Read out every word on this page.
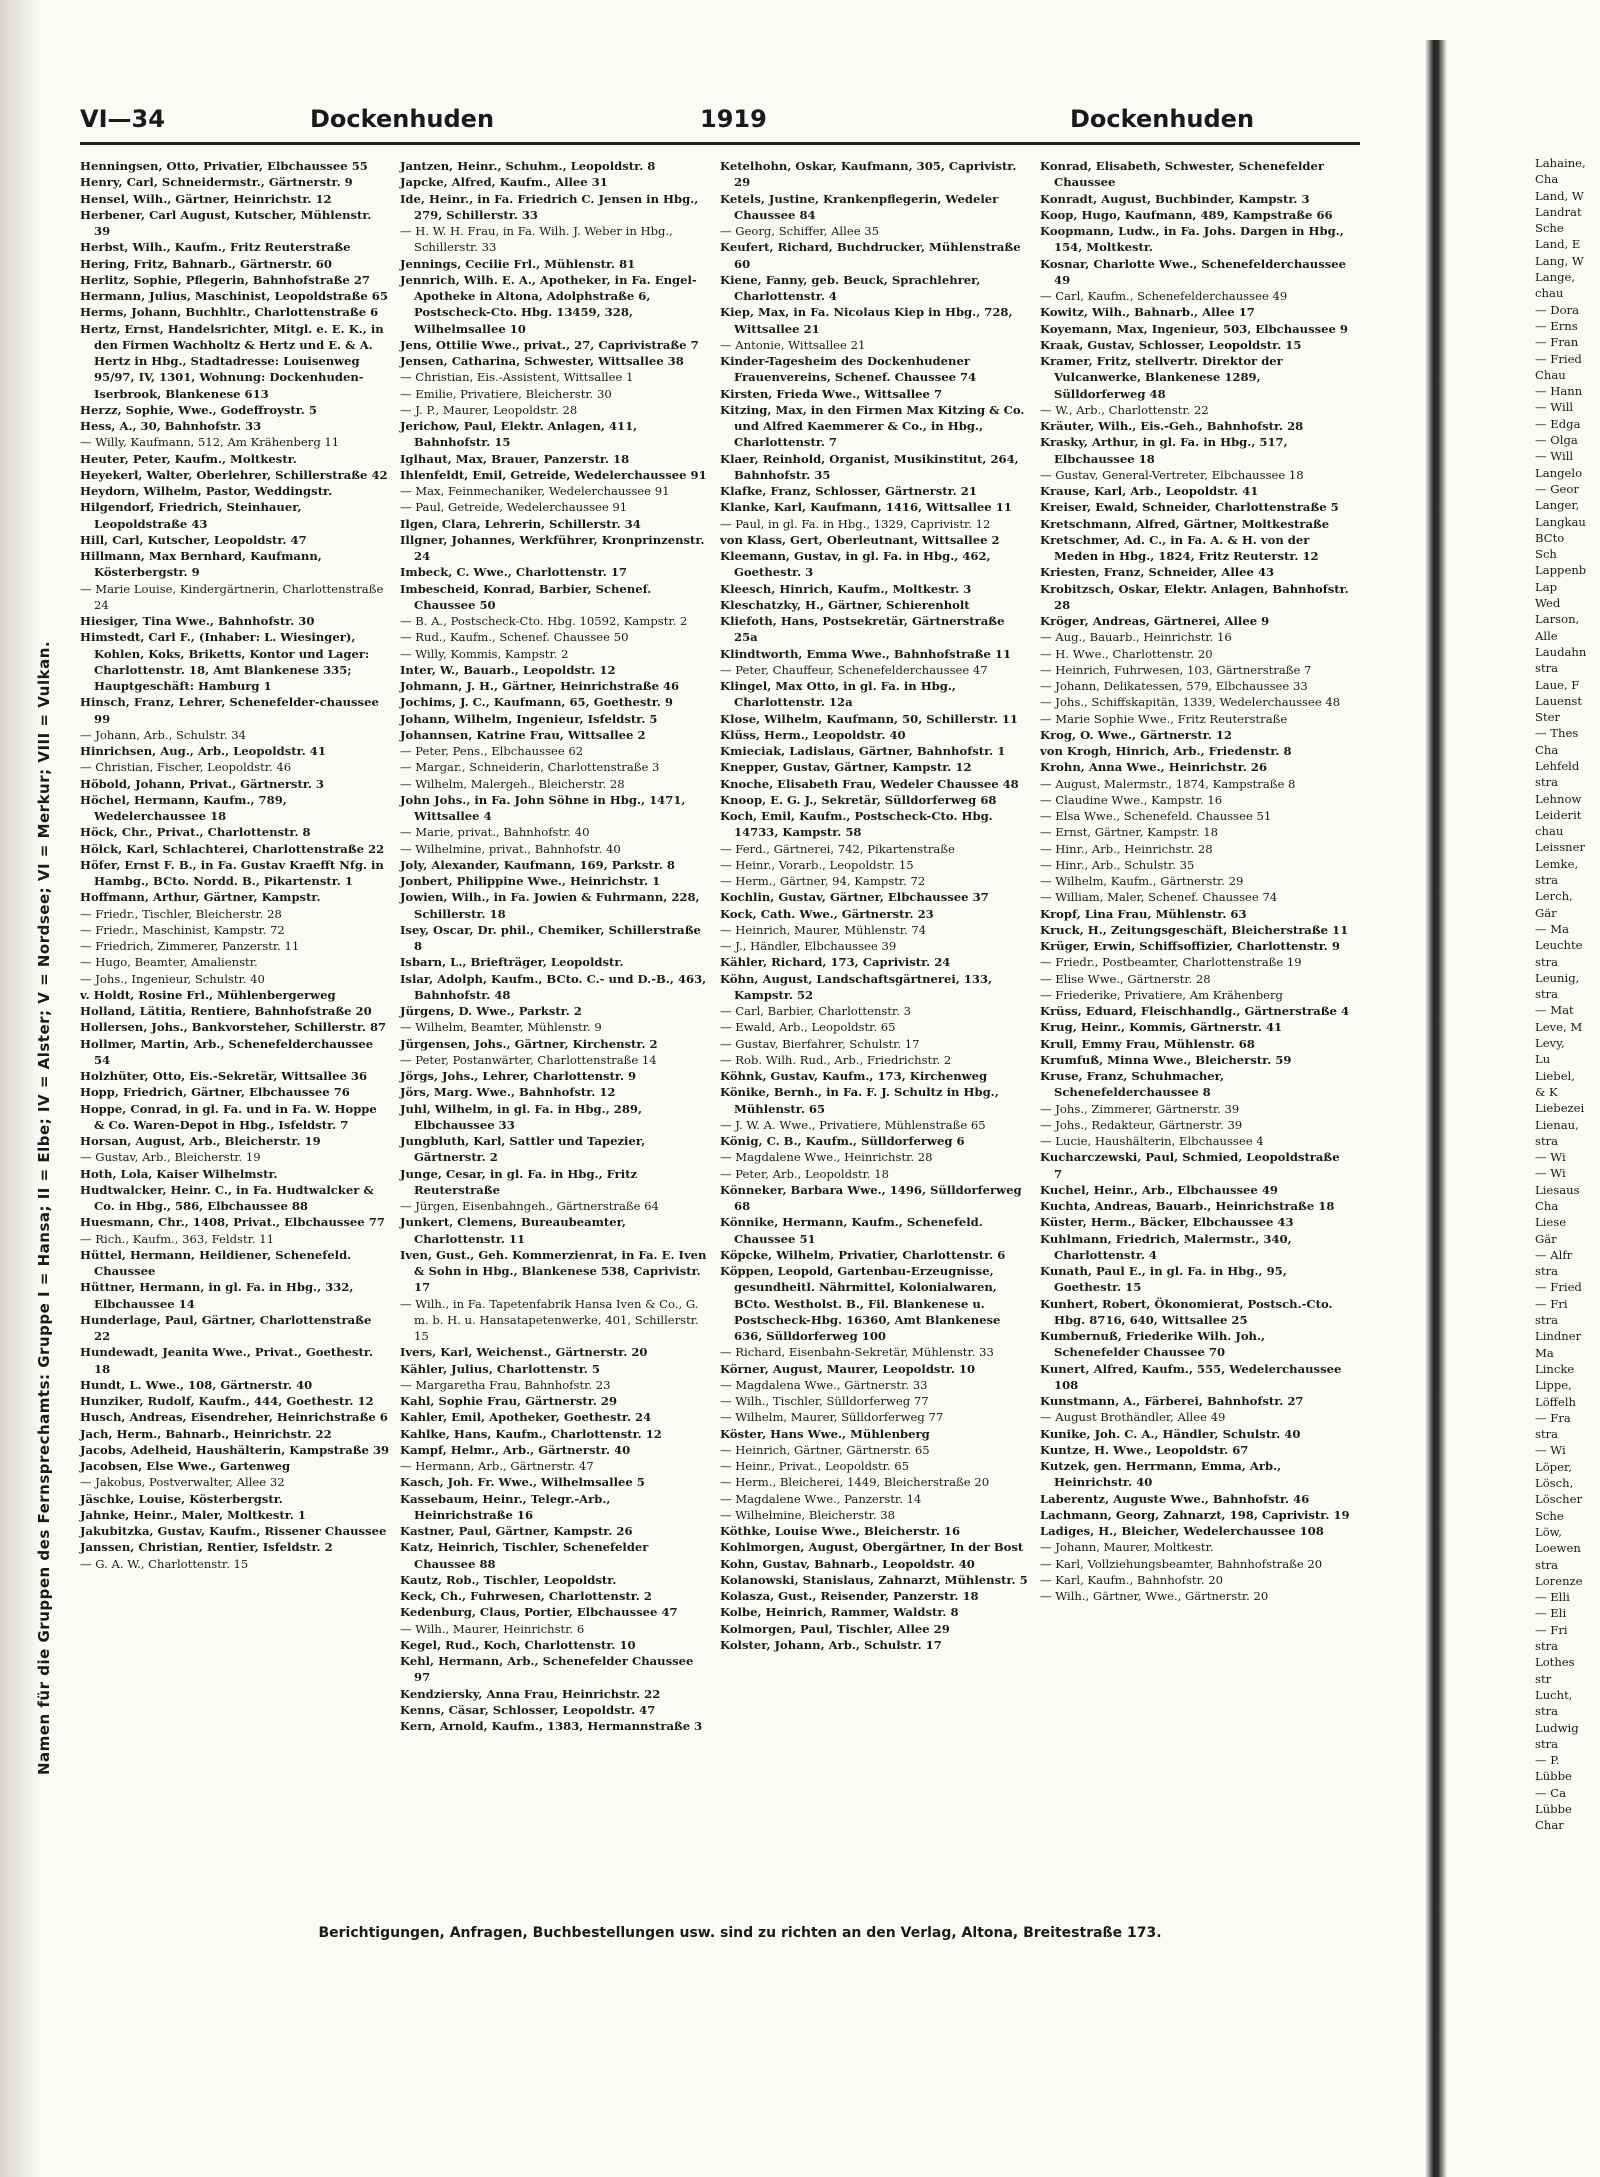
VI—34	Dockenhuden	1919	Dockenhuden
Namen für die Gruppen des Fernsprechamts: Gruppe I = Hansa; II = Elbe; IV = Alster; V = Nordsee; VI = Merkur; VIII = Vulkan.
Henningsen, Otto, Privatier, Elbchaussee 55
Henry, Carl, Schneidermstr., Gärtnerstr. 9
Hensel, Wilh., Gärtner, Heinrichstr. 12
Herbener, Carl August, Kutscher, Mühlenstr. 39
Herbst, Wilh., Kaufm., Fritz Reuterstraße
Hering, Fritz, Bahnarb., Gärtnerstr. 60
Herlitz, Sophie, Pflegerin, Bahnhofstraße 27
Hermann, Julius, Maschinist, Leopoldstraße 65
Herms, Johann, Buchhltr., Charlottenstraße 6
Hertz, Ernst, Handelsrichter, Mitgl. e. E. K., in den Firmen Wachholtz & Hertz und E. & A. Hertz in Hbg., Stadtadresse: Louisenweg 95/97, IV, 1301, Wohnung: Dockenhuden-Iserbrook, Blankenese 613
Herzz, Sophie, Wwe., Godeffroystr. 5
Hess, A., 30, Bahnhofstr. 33
— Willy, Kaufmann, 512, Am Krähenberg 11
Heuter, Peter, Kaufm., Moltkestr.
Heyekerl, Walter, Oberlehrer, Schillerstraße 42
Heydorn, Wilhelm, Pastor, Weddingstr.
Hilgendorf, Friedrich, Steinhauer, Leopoldstraße 43
Hill, Carl, Kutscher, Leopoldstr. 47
Hillmann, Max Bernhard, Kaufmann, Kösterbergstr. 9
— Marie Louise, Kindergärtnerin, Charlottenstraße 24
Hiesiger, Tina Wwe., Bahnhofstr. 30
Himstedt, Carl F., (Inhaber: L. Wiesinger), Kohlen, Koks, Briketts, Kontor und Lager: Charlottenstr. 18, Amt Blankenese 335; Hauptgeschäft: Hamburg 1
Hinsch, Franz, Lehrer, Schenefelder-chaussee 99
— Johann, Arb., Schulstr. 34
Hinrichsen, Aug., Arb., Leopoldstr. 41
— Christian, Fischer, Leopoldstr. 46
Höbold, Johann, Privat., Gärtnerstr. 3
Höchel, Hermann, Kaufm., 789, Wedelerchaussee 18
Höck, Chr., Privat., Charlottenstr. 8
Hölck, Karl, Schlachterei, Charlottenstraße 22
Höfer, Ernst F. B., in Fa. Gustav Kraefft Nfg. in Hambg., BCto. Nordd. B., Pikartenstr. 1
Hoffmann, Arthur, Gärtner, Kampstr.
— Friedr., Tischler, Bleicherstr. 28
— Friedr., Maschinist, Kampstr. 72
— Friedrich, Zimmerer, Panzerstr. 11
— Hugo, Beamter, Amalienstr.
— Johs., Ingenieur, Schulstr. 40
v. Holdt, Rosine Frl., Mühlenbergerweg
Holland, Lätitia, Rentiere, Bahnhofstraße 20
Hollersen, Johs., Bankvorsteher, Schillerstr. 87
Hollmer, Martin, Arb., Schenefelderchaussee 54
Holzhüter, Otto, Eis.-Sekretär, Wittsallee 36
Hopp, Friedrich, Gärtner, Elbchaussee 76
Hoppe, Conrad, in gl. Fa. und in Fa. W. Hoppe & Co. Waren-Depot in Hbg., Isfeldstr. 7
Horsan, August, Arb., Bleicherstr. 19
— Gustav, Arb., Bleicherstr. 19
Hoth, Lola, Kaiser Wilhelmstr.
Hudtwalcker, Heinr. C., in Fa. Hudtwalcker & Co. in Hbg., 586, Elbchaussee 88
Huesmann, Chr., 1408, Privat., Elbchaussee 77
— Rich., Kaufm., 363, Feldstr. 11
Hüttel, Hermann, Heildiener, Schenefeld. Chaussee
Hüttner, Hermann, in gl. Fa. in Hbg., 332, Elbchaussee 14
Hunderlage, Paul, Gärtner, Charlottenstraße 22
Hundewadt, Jeanita Wwe., Privat., Goethestr. 18
Hundt, L. Wwe., 108, Gärtnerstr. 40
Hunziker, Rudolf, Kaufm., 444, Goethestr. 12
Husch, Andreas, Eisendreher, Heinrichstraße 6
Jach, Herm., Bahnarb., Heinrichstr. 22
Jacobs, Adelheid, Haushälterin, Kampstraße 39
Jacobsen, Else Wwe., Gartenweg
— Jakobus, Postverwalter, Allee 32
Jäschke, Louise, Kösterbergstr.
Jahnke, Heinr., Maler, Moltkestr. 1
Jakubitzka, Gustav, Kaufm., Rissener Chaussee
Janssen, Christian, Rentier, Isfeldstr. 2
— G. A. W., Charlottenstr. 15
Jantzen, Heinr., Schuhm., Leopoldstr. 8
Japcke, Alfred, Kaufm., Allee 31
Ide, Heinr., in Fa. Friedrich C. Jensen in Hbg., 279, Schillerstr. 33
— H. W. H. Frau, in Fa. Wilh. J. Weber in Hbg., Schillerstr. 33
Jennings, Cecilie Frl., Mühlenstr. 81
Jennrich, Wilh. E. A., Apotheker, in Fa. Engel-Apotheke in Altona, Adolphstraße 6, Postscheck-Cto. Hbg. 13459, 328, Wilhelmsallee 10
Jens, Ottilie Wwe., privat., 27, Caprivistraße 7
Jensen, Catharina, Schwester, Wittsallee 38
— Christian, Eis.-Assistent, Wittsallee 1
— Emilie, Privatiere, Bleicherstr. 30
— J. P., Maurer, Leopoldstr. 28
Jerichow, Paul, Elektr. Anlagen, 411, Bahnhofstr. 15
Iglhaut, Max, Brauer, Panzerstr. 18
Ihlenfeldt, Emil, Getreide, Wedelerchaussee 91
— Max, Feinmechaniker, Wedelerchaussee 91
— Paul, Getreide, Wedelerchaussee 91
Ilgen, Clara, Lehrerin, Schillerstr. 34
Illgner, Johannes, Werkführer, Kronprinzenstr. 24
Imbeck, C. Wwe., Charlottenstr. 17
Imbescheid, Konrad, Barbier, Schenef. Chaussee 50
— B. A., Postscheck-Cto. Hbg. 10592, Kampstr. 2
— Rud., Kaufm., Schenef. Chaussee 50
— Willy, Kommis, Kampstr. 2
Inter, W., Bauarb., Leopoldstr. 12
Johmann, J. H., Gärtner, Heinrichstraße 46
Jochims, J. C., Kaufmann, 65, Goethestr. 9
Johann, Wilhelm, Ingenieur, Isfeldstr. 5
Johannsen, Katrine Frau, Wittsallee 2
— Peter, Pens., Elbchaussee 62
— Margar., Schneiderin, Charlottenstraße 3
— Wilhelm, Malergeh., Bleicherstr. 28
John Johs., in Fa. John Söhne in Hbg., 1471, Wittsallee 4
— Marie, privat., Bahnhofstr. 40
— Wilhelmine, privat., Bahnhofstr. 40
Joly, Alexander, Kaufmann, 169, Parkstr. 8
Jonbert, Philippine Wwe., Heinrichstr. 1
Jowien, Wilh., in Fa. Jowien & Fuhrmann, 228, Schillerstr. 18
Isey, Oscar, Dr. phil., Chemiker, Schillerstraße 8
Isbarn, L., Briefträger, Leopoldstr.
Islar, Adolph, Kaufm., BCto. C.- und D.-B., 463, Bahnhofstr. 48
Jürgens, D. Wwe., Parkstr. 2
— Wilhelm, Beamter, Mühlenstr. 9
Jürgensen, Johs., Gärtner, Kirchenstr. 2
— Peter, Postanwärter, Charlottenstraße 14
Jörgs, Johs., Lehrer, Charlottenstr. 9
Jörs, Marg. Wwe., Bahnhofstr. 12
Juhl, Wilhelm, in gl. Fa. in Hbg., 289, Elbchaussee 33
Jungbluth, Karl, Sattler und Tapezier, Gärtnerstr. 2
Junge, Cesar, in gl. Fa. in Hbg., Fritz Reuterstraße
— Jürgen, Eisenbahngeh., Gärtnerstraße 64
Junkert, Clemens, Bureaubeamter, Charlottenstr. 11
Iven, Gust., Geh. Kommerzienrat, in Fa. E. Iven & Sohn in Hbg., Blankenese 538, Caprivistr. 17
— Wilh., in Fa. Tapetenfabrik Hansa Iven & Co., G. m. b. H. u. Hansatapetenwerke, 401, Schillerstr. 15
Ivers, Karl, Weichenst., Gärtnerstr. 20
Kähler, Julius, Charlottenstr. 5
— Margaretha Frau, Bahnhofstr. 23
Kahl, Sophie Frau, Gärtnerstr. 29
Kahler, Emil, Apotheker, Goethestr. 24
Kahlke, Hans, Kaufm., Charlottenstr. 12
Kampf, Helmr., Arb., Gärtnerstr. 40
— Hermann, Arb., Gärtnerstr. 47
Kasch, Joh. Fr. Wwe., Wilhelmsallee 5
Kassebaum, Heinr., Telegr.-Arb., Heinrichstraße 16
Kastner, Paul, Gärtner, Kampstr. 26
Katz, Heinrich, Tischler, Schenefelder Chaussee 88
Kautz, Rob., Tischler, Leopoldstr.
Keck, Ch., Fuhrwesen, Charlottenstr. 2
Kedenburg, Claus, Portier, Elbchaussee 47
— Wilh., Maurer, Heinrichstr. 6
Kegel, Rud., Koch, Charlottenstr. 10
Kehl, Hermann, Arb., Schenefelder Chaussee 97
Kendziersky, Anna Frau, Heinrichstr. 22
Kenns, Cäsar, Schlosser, Leopoldstr. 47
Kern, Arnold, Kaufm., 1383, Hermannstraße 3
Ketelhohn, Oskar, Kaufmann, 305, Caprivistr. 29
Ketels, Justine, Krankenpflegerin, Wedeler Chaussee 84
— Georg, Schiffer, Allee 35
Keufert, Richard, Buchdrucker, Mühlenstraße 60
Kiene, Fanny, geb. Beuck, Sprachlehrer, Charlottenstr. 4
Kiep, Max, in Fa. Nicolaus Kiep in Hbg., 728, Wittsallee 21
— Antonie, Wittsallee 21
Kinder-Tagesheim des Dockenhudener Frauenvereins, Schenef. Chaussee 74
Kirsten, Frieda Wwe., Wittsallee 7
Kitzing, Max, in den Firmen Max Kitzing & Co. und Alfred Kaemmerer & Co., in Hbg., Charlottenstr. 7
Klaer, Reinhold, Organist, Musikinstitut, 264, Bahnhofstr. 35
Klafke, Franz, Schlosser, Gärtnerstr. 21
Klanke, Karl, Kaufmann, 1416, Wittsallee 11
— Paul, in gl. Fa. in Hbg., 1329, Caprivistr. 12
von Klass, Gert, Oberleutnant, Wittsallee 2
Kleemann, Gustav, in gl. Fa. in Hbg., 462, Goethestr. 3
Kleesch, Hinrich, Kaufm., Moltkestr. 3
Kleschatzky, H., Gärtner, Schierenholt
Kliefoth, Hans, Postsekretär, Gärtnerstraße 25a
Klindtworth, Emma Wwe., Bahnhofstraße 11
— Peter, Chauffeur, Schenefelderchaussee 47
Klingel, Max Otto, in gl. Fa. in Hbg., Charlottenstr. 12a
Klose, Wilhelm, Kaufmann, 50, Schillerstr. 11
Klüss, Herm., Leopoldstr. 40
Kmieciak, Ladislaus, Gärtner, Bahnhofstr. 1
Knepper, Gustav, Gärtner, Kampstr. 12
Knoche, Elisabeth Frau, Wedeler Chaussee 48
Knoop, E. G. J., Sekretär, Sülldorferweg 68
Koch, Emil, Kaufm., Postscheck-Cto. Hbg. 14733, Kampstr. 58
— Ferd., Gärtnerei, 742, Pikartenstraße
— Heinr., Vorarb., Leopoldstr. 15
— Herm., Gärtner, 94, Kampstr. 72
Kochlin, Gustav, Gärtner, Elbchaussee 37
Kock, Cath. Wwe., Gärtnerstr. 23
— Heinrich, Maurer, Mühlenstr. 74
— J., Händler, Elbchaussee 39
Kähler, Richard, 173, Caprivistr. 24
Köhn, August, Landschaftsgärtnerei, 133, Kampstr. 52
— Carl, Barbier, Charlottenstr. 3
— Ewald, Arb., Leopoldstr. 65
— Gustav, Bierfahrer, Schulstr. 17
— Rob. Wilh. Rud., Arb., Friedrichstr. 2
Köhnk, Gustav, Kaufm., 173, Kirchenweg
Könike, Bernh., in Fa. F. J. Schultz in Hbg., Mühlenstr. 65
— J. W. A. Wwe., Privatiere, Mühlenstraße 65
König, C. B., Kaufm., Sülldorferweg 6
— Magdalene Wwe., Heinrichstr. 28
— Peter, Arb., Leopoldstr. 18
Könneker, Barbara Wwe., 1496, Sülldorferweg 68
Könnike, Hermann, Kaufm., Schenefeld. Chaussee 51
Köpcke, Wilhelm, Privatier, Charlottenstr. 6
Köppen, Leopold, Gartenbau-Erzeugnisse, gesundheitl. Nährmittel, Kolonialwaren, BCto. Westholst. B., Fil. Blankenese u. Postscheck-Hbg. 16360, Amt Blankenese 636, Sülldorferweg 100
— Richard, Eisenbahn-Sekretär, Mühlenstr. 33
Körner, August, Maurer, Leopoldstr. 10
— Magdalena Wwe., Gärtnerstr. 33
— Wilh., Tischler, Sülldorferweg 77
— Wilhelm, Maurer, Sülldorferweg 77
Köster, Hans Wwe., Mühlenberg
— Heinrich, Gärtner, Gärtnerstr. 65
— Heinr., Privat., Leopoldstr. 65
— Herm., Bleicherei, 1449, Bleicherstraße 20
— Magdalene Wwe., Panzerstr. 14
— Wilhelmine, Bleicherstr. 38
Köthke, Louise Wwe., Bleicherstr. 16
Kohlmorgen, August, Obergärtner, In der Bost
Kohn, Gustav, Bahnarb., Leopoldstr. 40
Kolanowski, Stanislaus, Zahnarzt, Mühlenstr. 5
Kolasza, Gust., Reisender, Panzerstr. 18
Kolbe, Heinrich, Rammer, Waldstr. 8
Kolmorgen, Paul, Tischler, Allee 29
Kolster, Johann, Arb., Schulstr. 17
Konrad, Elisabeth, Schwester, Schenefelder Chaussee
Konradt, August, Buchbinder, Kampstr. 3
Koop, Hugo, Kaufmann, 489, Kampstraße 66
Koopmann, Ludw., in Fa. Johs. Dargen in Hbg., 154, Moltkestr.
Kosnar, Charlotte Wwe., Schenefelderchaussee 49
— Carl, Kaufm., Schenefelderchaussee 49
Kowitz, Wilh., Bahnarb., Allee 17
Koyemann, Max, Ingenieur, 503, Elbchaussee 9
Kraak, Gustav, Schlosser, Leopoldstr. 15
Kramer, Fritz, stellvertr. Direktor der Vulcanwerke, Blankenese 1289, Sülldorferweg 48
— W., Arb., Charlottenstr. 22
Kräuter, Wilh., Eis.-Geh., Bahnhofstr. 28
Krasky, Arthur, in gl. Fa. in Hbg., 517, Elbchaussee 18
— Gustav, General-Vertreter, Elbchaussee 18
Krause, Karl, Arb., Leopoldstr. 41
Kreiser, Ewald, Schneider, Charlottenstraße 5
Kretschmann, Alfred, Gärtner, Moltkestraße
Kretschmer, Ad. C., in Fa. A. & H. von der Meden in Hbg., 1824, Fritz Reuterstr. 12
Kriesten, Franz, Schneider, Allee 43
Krobitzsch, Oskar, Elektr. Anlagen, Bahnhofstr. 28
Kröger, Andreas, Gärtnerei, Allee 9
— Aug., Bauarb., Heinrichstr. 16
— H. Wwe., Charlottenstr. 20
— Heinrich, Fuhrwesen, 103, Gärtnerstraße 7
— Johann, Delikatessen, 579, Elbchaussee 33
— Johs., Schiffskapitän, 1339, Wedelerchaussee 48
— Marie Sophie Wwe., Fritz Reuterstraße
Krog, O. Wwe., Gärtnerstr. 12
von Krogh, Hinrich, Arb., Friedenstr. 8
Krohn, Anna Wwe., Heinrichstr. 26
— August, Malermstr., 1874, Kampstraße 8
— Claudine Wwe., Kampstr. 16
— Elsa Wwe., Schenefeld. Chaussee 51
— Ernst, Gärtner, Kampstr. 18
— Hinr., Arb., Heinrichstr. 28
— Hinr., Arb., Schulstr. 35
— Wilhelm, Kaufm., Gärtnerstr. 29
— William, Maler, Schenef. Chaussee 74
Kropf, Lina Frau, Mühlenstr. 63
Kruck, H., Zeitungsgeschäft, Bleicherstraße 11
Krüger, Erwin, Schiffsoffizier, Charlottenstr. 9
— Friedr., Postbeamter, Charlottenstraße 19
— Elise Wwe., Gärtnerstr. 28
— Friederike, Privatiere, Am Krähenberg
Krüss, Eduard, Fleischhandlg., Gärtnerstraße 4
Krug, Heinr., Kommis, Gärtnerstr. 41
Krull, Emmy Frau, Mühlenstr. 68
Krumfuß, Minna Wwe., Bleicherstr. 59
Kruse, Franz, Schuhmacher, Schenefelderchaussee 8
— Johs., Zimmerer, Gärtnerstr. 39
— Johs., Redakteur, Gärtnerstr. 39
— Lucie, Haushälterin, Elbchaussee 4
Kucharczewski, Paul, Schmied, Leopoldstraße 7
Kuchel, Heinr., Arb., Elbchaussee 49
Kuchta, Andreas, Bauarb., Heinrichstraße 18
Küster, Herm., Bäcker, Elbchaussee 43
Kuhlmann, Friedrich, Malermstr., 340, Charlottenstr. 4
Kunath, Paul E., in gl. Fa. in Hbg., 95, Goethestr. 15
Kunhert, Robert, Ökonomierat, Postsch.-Cto. Hbg. 8716, 640, Wittsallee 25
Kumbernuß, Friederike Wilh. Joh., Schenefelder Chaussee 70
Kunert, Alfred, Kaufm., 555, Wedelerchaussee 108
Kunstmann, A., Färberei, Bahnhofstr. 27
— August Brothändler, Allee 49
Kunike, Joh. C. A., Händler, Schulstr. 40
Kuntze, H. Wwe., Leopoldstr. 67
Kutzek, gen. Herrmann, Emma, Arb., Heinrichstr. 40
Laberentz, Auguste Wwe., Bahnhofstr. 46
Lachmann, Georg, Zahnarzt, 198, Caprivistr. 19
Ladiges, H., Bleicher, Wedelerchaussee 108
— Johann, Maurer, Moltkestr.
— Karl, Vollziehungsbeamter, Bahnhofstraße 20
— Karl, Kaufm., Bahnhofstr. 20
— Wilh., Gärtner, Wwe., Gärtnerstr. 20
Lahaine,
Cha
Land, W
Landrat
Sche
Land, E
Lang, W
Lange,
chau
— Dora
— Erns
— Fran
— Fried
Chau
— Hann
— Will
— Edga
— Olga
— Will
Langelo
— Geor
Langer,
Langkau
BCto
Sch
Lappenb
Lap
Wed
Larson,
Alle
Laudahn
stra
Laue, F
Lauenst
Ster
— Thes
Cha
Lehfeld
stra
Lehnow
Leiderit
chau
Leissner
Lemke,
stra
Lerch,
Gär
— Ma
Leuchte
stra
Leunig,
stra
— Mat
Leve, M
Levy,
Lu
Liebel,
& K
Liebezei
Lienau,
stra
— Wi
— Wi
Liesaus
Cha
Liese
Gär
— Alfr
stra
— Fried
— Fri
stra
Lindner
Ma
Lincke
Lippe,
Löffelh
— Fra
stra
— Wi
Löper,
Lösch,
Löscher
Sche
Löw,
Loewen
stra
Lorenze
— Elli
— Eli
— Fri
stra
Lothes
str
Lucht,
stra
Ludwig
stra
— P.
Lübbe
— Ca
Lübbe
Char
Berichtigungen, Anfragen, Buchbestellungen usw. sind zu richten an den Verlag, Altona, Breitestraße 173.
